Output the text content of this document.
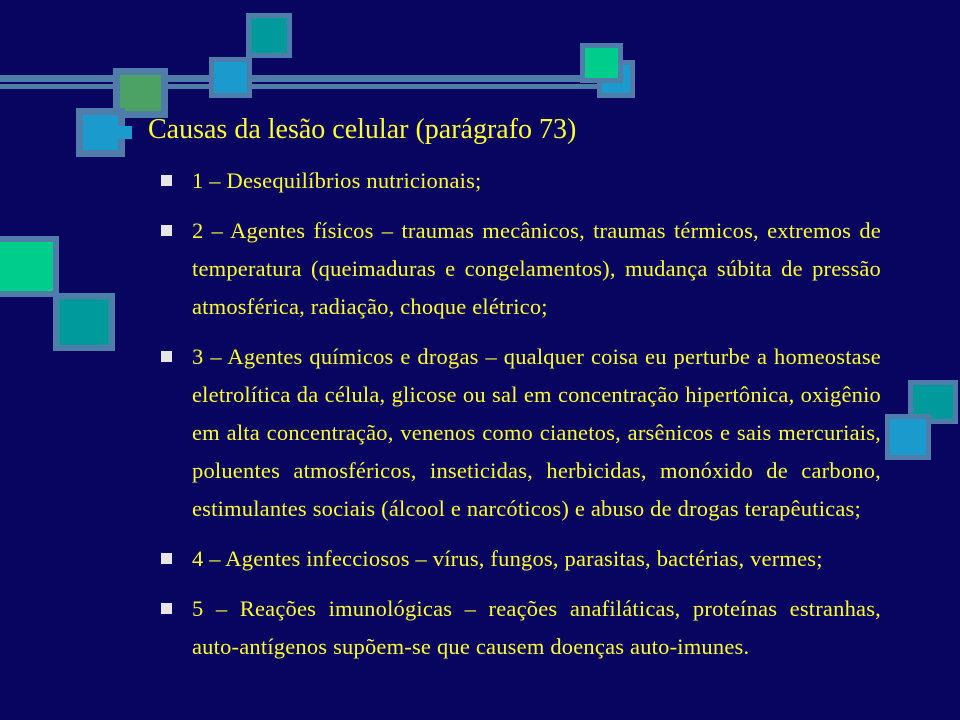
Causas da lesão celular (parágrafo 73)

1 – Desequilíbrios nutricionais;

2 – Agentes físicos – traumas mecânicos, traumas térmicos, extremos de temperatura (queimaduras e congelamentos), mudança súbita de pressão atmosférica, radiação, choque elétrico;

3 – Agentes químicos e drogas – qualquer coisa eu perturbe a homeostase eletrolítica da célula, glicose ou sal em concentração hipertônica, oxigênio em alta concentração, venenos como cianetos, arsênicos e sais mercuriais, poluentes atmosféricos, inseticidas, herbicidas, monóxido de carbono, estimulantes sociais (álcool e narcóticos) e abuso de drogas terapêuticas;

4 – Agentes infecciosos – vírus, fungos, parasitas, bactérias, vermes;

5 – Reações imunológicas – reações anafiláticas, proteínas estranhas, auto-antígenos supõem-se que causem doenças auto-imunes.
